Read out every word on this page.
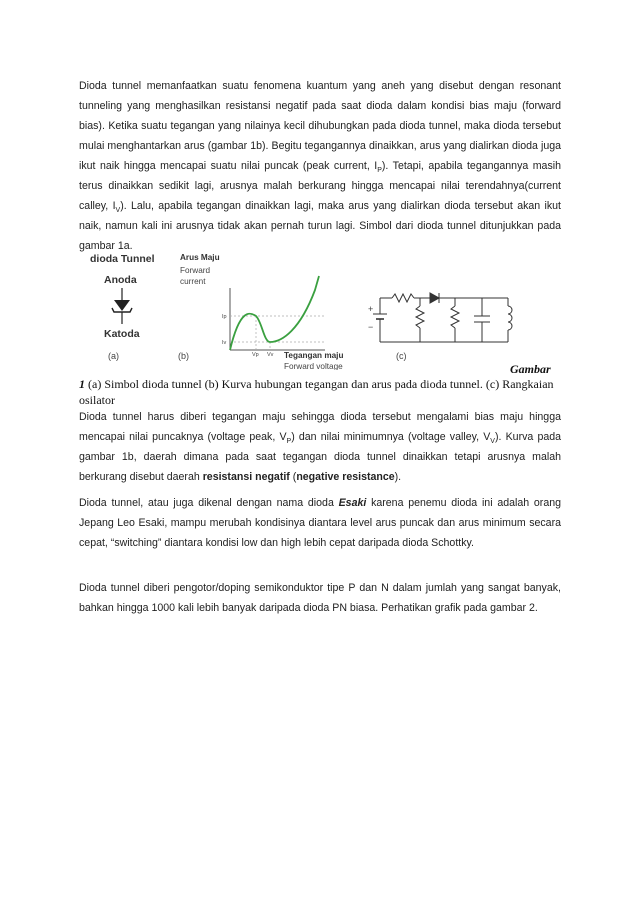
Dioda tunnel memanfaatkan suatu fenomena kuantum yang aneh yang disebut dengan resonant tunneling yang menghasilkan resistansi negatif pada saat dioda dalam kondisi bias maju (forward bias). Ketika suatu tegangan yang nilainya kecil dihubungkan pada dioda tunnel, maka dioda tersebut mulai menghantarkan arus (gambar 1b). Begitu tegangannya dinaikkan, arus yang dialirkan dioda juga ikut naik hingga mencapai suatu nilai puncak (peak current, $I_P$). Tetapi, apabila tegangannya masih terus dinaikkan sedikit lagi, arusnya malah berkurang hingga mencapai nilai terendahnya(current calley, $I_V$). Lalu, apabila tegangan dinaikkan lagi, maka arus yang dialirkan dioda tersebut akan ikut naik, namun kali ini arusnya tidak akan pernah turun lagi. Simbol dari dioda tunnel ditunjukkan pada gambar 1a.

dioda Tunnel
Anoda
Katoda
(a)
Arus Maju
Forward
current
Ip
Iv
Vp Vv Tegangan maju
Forward voltage
(b)
+
−
(c)
Gambar
1 (a) Simbol dioda tunnel (b) Kurva hubungan tegangan dan arus pada dioda tunnel. (c) Rangkaian osilator

Dioda tunnel harus diberi tegangan maju sehingga dioda tersebut mengalami bias maju hingga mencapai nilai puncaknya (voltage peak, $V_P$) dan nilai minimumnya (voltage valley, $V_V$). Kurva pada gambar 1b, daerah dimana pada saat tegangan dioda tunnel dinaikkan tetapi arusnya malah berkurang disebut daerah resistansi negatif (negative resistance).

Dioda tunnel, atau juga dikenal dengan nama dioda Esaki karena penemu dioda ini adalah orang Jepang Leo Esaki, mampu merubah kondisinya diantara level arus puncak dan arus minimum secara cepat, “switching” diantara kondisi low dan high lebih cepat daripada dioda Schottky.

Dioda tunnel diberi pengotor/doping semikonduktor tipe P dan N dalam jumlah yang sangat banyak, bahkan hingga 1000 kali lebih banyak daripada dioda PN biasa. Perhatikan grafik pada gambar 2.
